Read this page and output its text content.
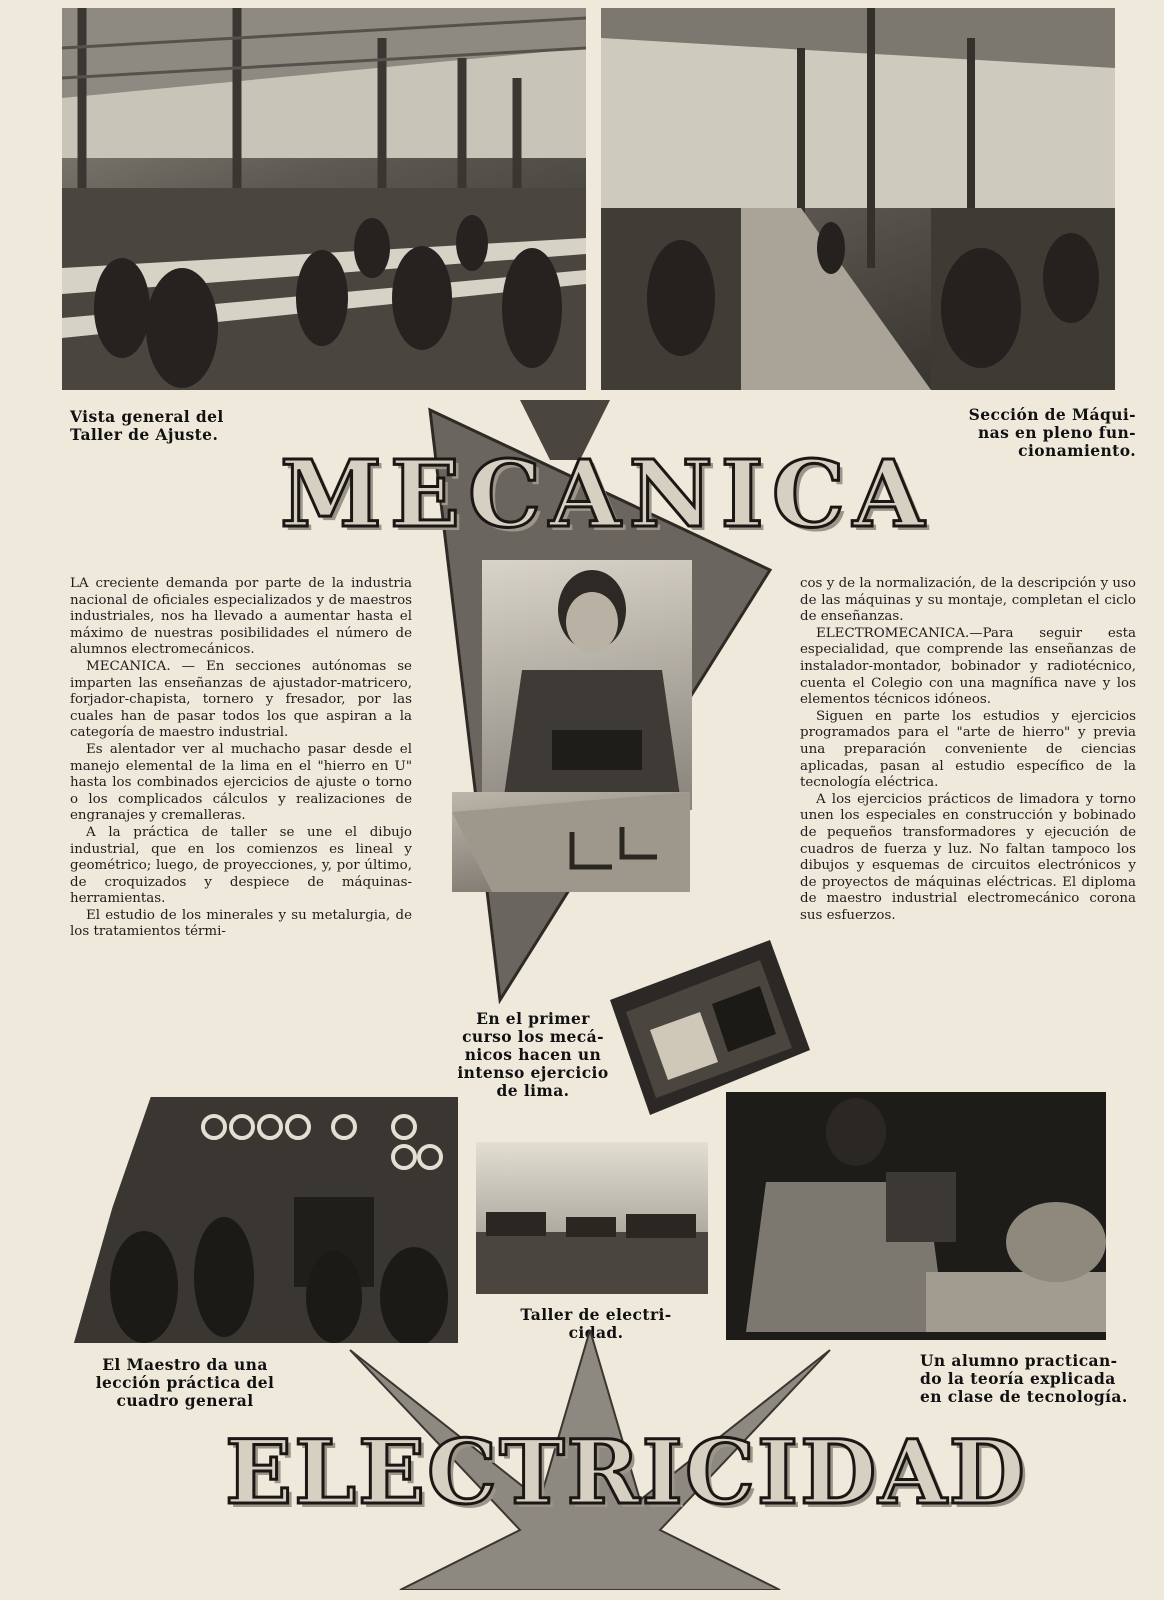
Vista general del
Taller de Ajuste.
Sección de Máqui-
nas en pleno fun-
cionamiento.
MECANICA

LA creciente demanda por parte de la industria nacional de oficiales especializados y de maestros industriales, nos ha llevado a aumentar hasta el máximo de nuestras posibilidades el número de alumnos electromecánicos.

MECANICA. — En secciones autónomas se imparten las enseñanzas de ajustador-matricero, forjador-chapista, tornero y fresador, por las cuales han de pasar todos los que aspiran a la categoría de maestro industrial.

Es alentador ver al muchacho pasar desde el manejo elemental de la lima en el "hierro en U" hasta los combinados ejercicios de ajuste o torno o los complicados cálculos y realizaciones de engranajes y cremalleras.

A la práctica de taller se une el dibujo industrial, que en los comienzos es lineal y geométrico; luego, de proyecciones, y, por último, de croquizados y despiece de máquinas-herramientas.

El estudio de los minerales y su metalurgia, de los tratamientos térmi-

cos y de la normalización, de la descripción y uso de las máquinas y su montaje, completan el ciclo de enseñanzas.

ELECTROMECANICA.—Para seguir esta especialidad, que comprende las enseñanzas de instalador-montador, bobinador y radiotécnico, cuenta el Colegio con una magnífica nave y los elementos técnicos idóneos.

Siguen en parte los estudios y ejercicios programados para el "arte de hierro" y previa una preparación conveniente de ciencias aplicadas, pasan al estudio específico de la tecnología eléctrica.

A los ejercicios prácticos de limadora y torno unen los especiales en construcción y bobinado de pequeños transformadores y ejecución de cuadros de fuerza y luz. No faltan tampoco los dibujos y esquemas de circuitos electrónicos y de proyectos de máquinas eléctricas. El diploma de maestro industrial electromecánico corona sus esfuerzos.

En el primer
curso los mecá-
nicos hacen un
intenso ejercicio
de lima.
Taller de electri-
cidad.
El Maestro da una
lección práctica del
cuadro general
Un alumno practican-
do la teoría explicada
en clase de tecnología.
ELECTRICIDAD
